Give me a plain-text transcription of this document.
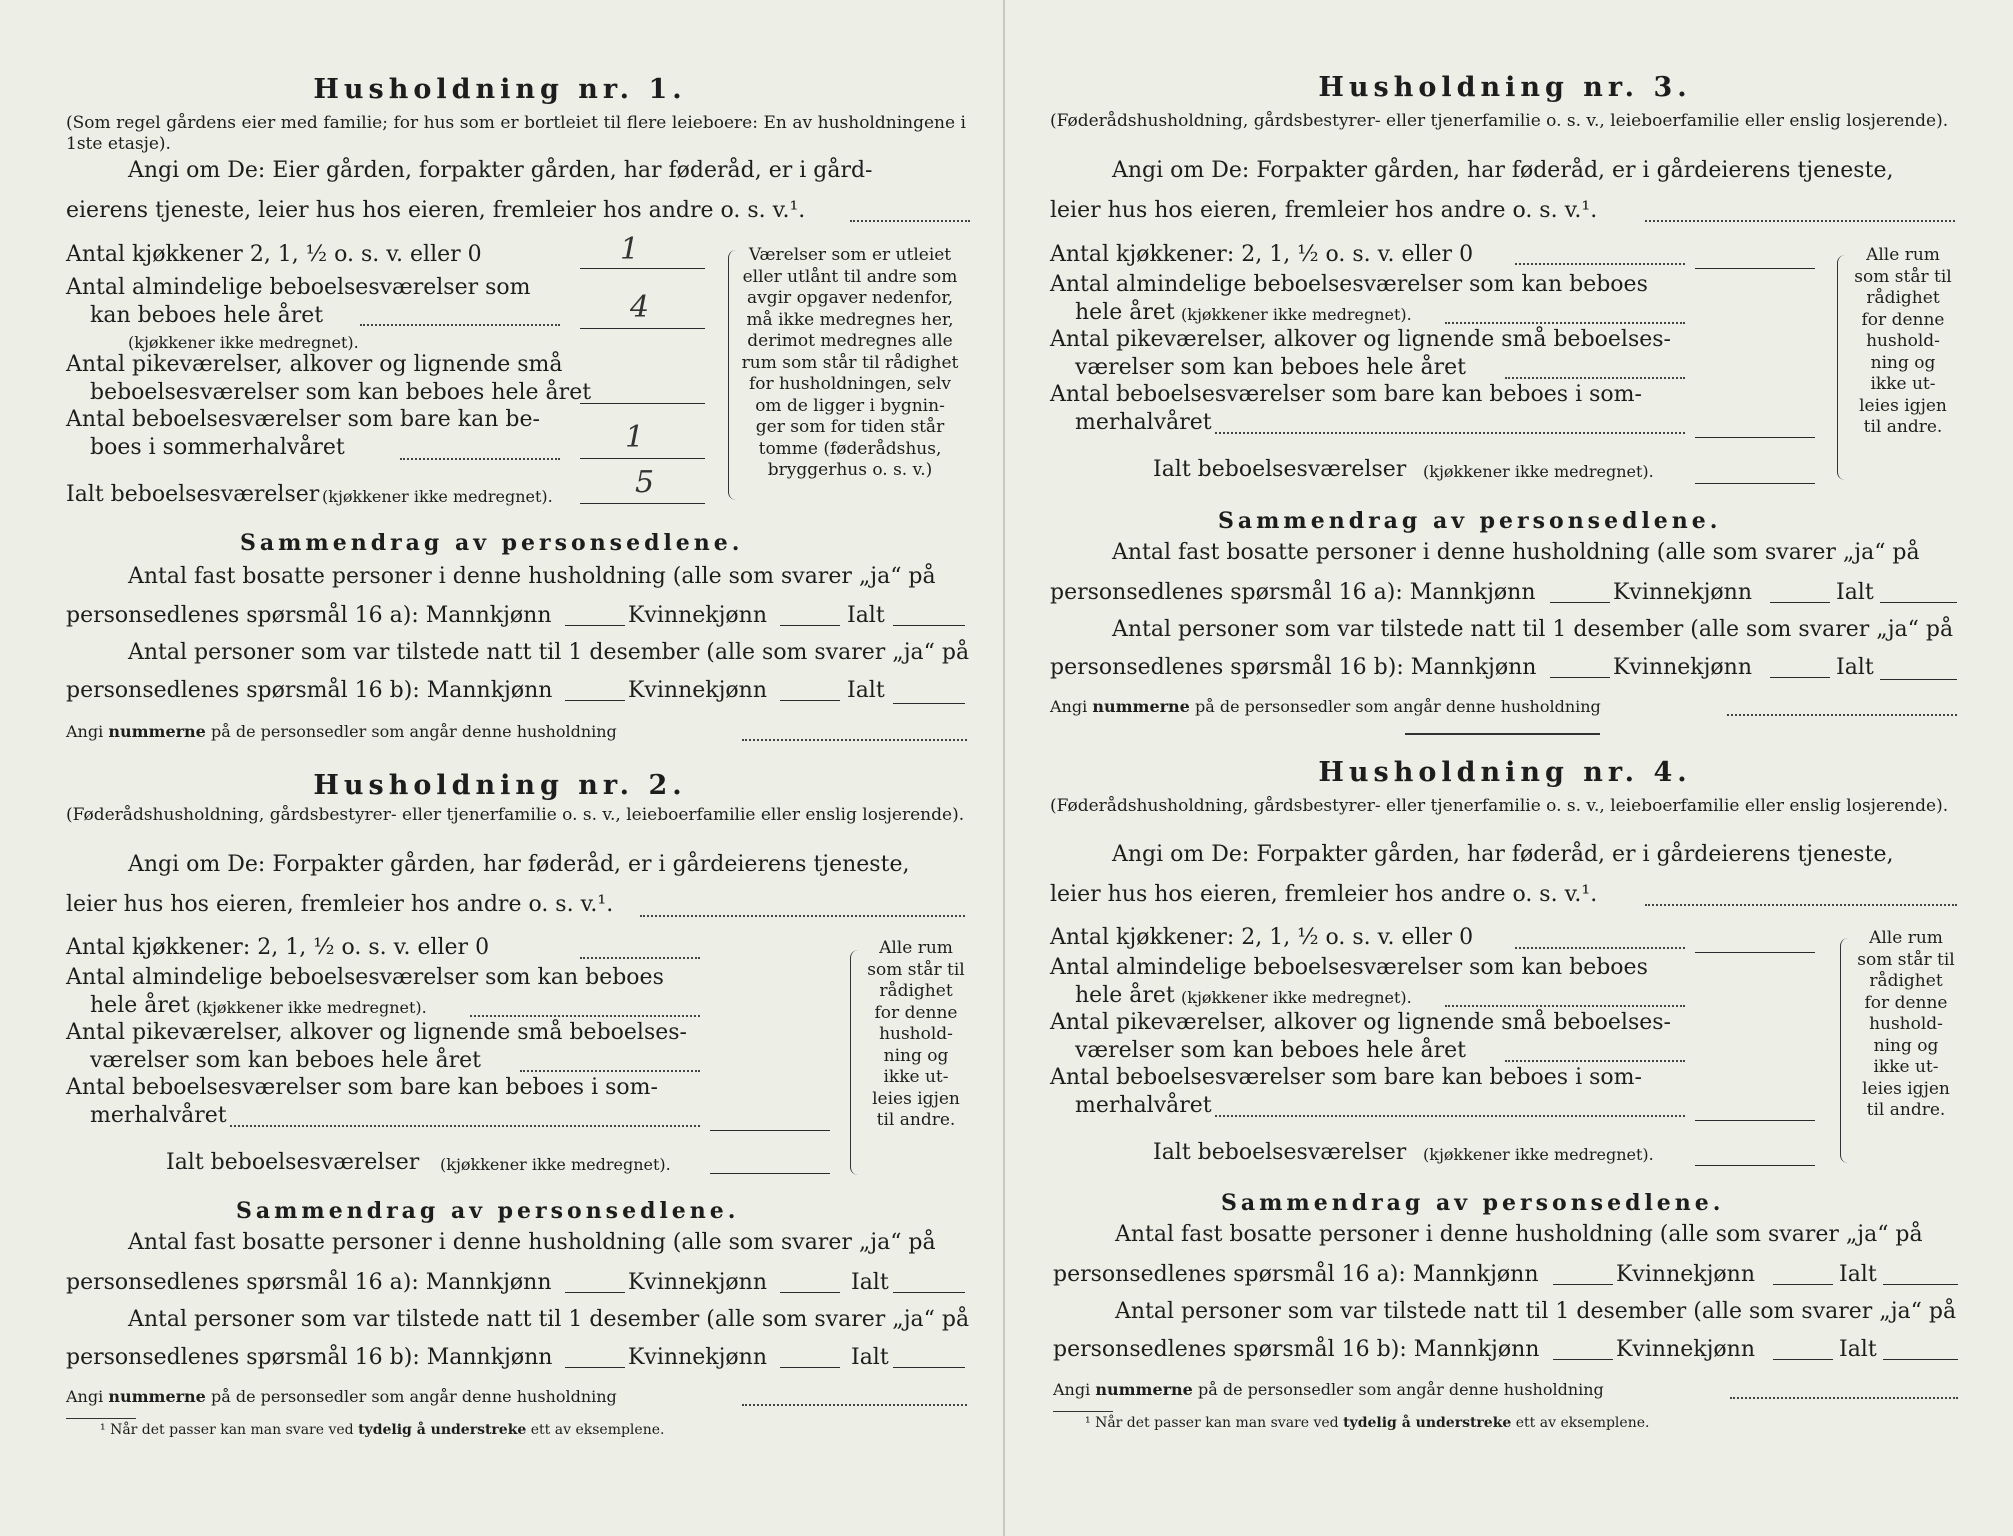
Husholdning nr. 1.
(Som regel gårdens eier med familie; for hus som er bortleiet til flere leieboere: En av husholdningene i 1ste etasje).
Angi om De: Eier gården, forpakter gården, har føderåd, er i gård-
eierens tjeneste, leier hus hos eieren, fremleier hos andre o. s. v.¹.
Antal kjøkkener 2, 1, ½ o. s. v. eller 0	1
Antal almindelige beboelsesværelser som
kan beboes hele året	4
(kjøkkener ikke medregnet).
Antal pikeværelser, alkover og lignende små
beboelsesværelser som kan beboes hele året
Antal beboelsesværelser som bare kan be-
boes i sommerhalvåret	1
Ialt beboelsesværelser (kjøkkener ikke medregnet).	5
Værelser som er utleiet
eller utlånt til andre som
avgir opgaver nedenfor,
må ikke medregnes her,
derimot medregnes alle
rum som står til rådighet
for husholdningen, selv
om de ligger i bygnin-
ger som for tiden står
tomme (føderådshus,
bryggerhus o. s. v.)
Sammendrag av personsedlene.
Antal fast bosatte personer i denne husholdning (alle som svarer „ja“ på
personsedlenes spørsmål 16 a): Mannkjønn	Kvinnekjønn	Ialt
Antal personer som var tilstede natt til 1 desember (alle som svarer „ja“ på
personsedlenes spørsmål 16 b): Mannkjønn	Kvinnekjønn	Ialt
Angi nummerne på de personsedler som angår denne husholdning
Husholdning nr. 2.
(Føderådshusholdning, gårdsbestyrer- eller tjenerfamilie o. s. v., leieboerfamilie eller enslig losjerende).
Angi om De: Forpakter gården, har føderåd, er i gårdeierens tjeneste,
leier hus hos eieren, fremleier hos andre o. s. v.¹.
Antal kjøkkener: 2, 1, ½ o. s. v. eller 0
Antal almindelige beboelsesværelser som kan beboes
hele året (kjøkkener ikke medregnet).
Antal pikeværelser, alkover og lignende små beboelses-
værelser som kan beboes hele året
Antal beboelsesværelser som bare kan beboes i som-
merhalvåret
Ialt beboelsesværelser (kjøkkener ikke medregnet).
Alle rum
som står til
rådighet
for denne
hushold-
ning og
ikke ut-
leies igjen
til andre.
Sammendrag av personsedlene.
Antal fast bosatte personer i denne husholdning (alle som svarer „ja“ på
personsedlenes spørsmål 16 a): Mannkjønn	Kvinnekjønn	Ialt
Antal personer som var tilstede natt til 1 desember (alle som svarer „ja“ på
personsedlenes spørsmål 16 b): Mannkjønn	Kvinnekjønn	Ialt
Angi nummerne på de personsedler som angår denne husholdning
¹ Når det passer kan man svare ved tydelig å understreke ett av eksemplene.
Husholdning nr. 3.
(Føderådshusholdning, gårdsbestyrer- eller tjenerfamilie o. s. v., leieboerfamilie eller enslig losjerende).
Angi om De: Forpakter gården, har føderåd, er i gårdeierens tjeneste,
leier hus hos eieren, fremleier hos andre o. s. v.¹.
Antal kjøkkener: 2, 1, ½ o. s. v. eller 0
Antal almindelige beboelsesværelser som kan beboes
hele året (kjøkkener ikke medregnet).
Antal pikeværelser, alkover og lignende små beboelses-
værelser som kan beboes hele året
Antal beboelsesværelser som bare kan beboes i som-
merhalvåret
Ialt beboelsesværelser (kjøkkener ikke medregnet).
Alle rum
som står til
rådighet
for denne
hushold-
ning og
ikke ut-
leies igjen
til andre.
Sammendrag av personsedlene.
Antal fast bosatte personer i denne husholdning (alle som svarer „ja“ på
personsedlenes spørsmål 16 a): Mannkjønn	Kvinnekjønn	Ialt
Antal personer som var tilstede natt til 1 desember (alle som svarer „ja“ på
personsedlenes spørsmål 16 b): Mannkjønn	Kvinnekjønn	Ialt
Angi nummerne på de personsedler som angår denne husholdning
Husholdning nr. 4.
(Føderådshusholdning, gårdsbestyrer- eller tjenerfamilie o. s. v., leieboerfamilie eller enslig losjerende).
Angi om De: Forpakter gården, har føderåd, er i gårdeierens tjeneste,
leier hus hos eieren, fremleier hos andre o. s. v.¹.
Antal kjøkkener: 2, 1, ½ o. s. v. eller 0
Antal almindelige beboelsesværelser som kan beboes
hele året (kjøkkener ikke medregnet).
Antal pikeværelser, alkover og lignende små beboelses-
værelser som kan beboes hele året
Antal beboelsesværelser som bare kan beboes i som-
merhalvåret
Ialt beboelsesværelser (kjøkkener ikke medregnet).
Alle rum
som står til
rådighet
for denne
hushold-
ning og
ikke ut-
leies igjen
til andre.
Sammendrag av personsedlene.
Antal fast bosatte personer i denne husholdning (alle som svarer „ja“ på
personsedlenes spørsmål 16 a): Mannkjønn	Kvinnekjønn	Ialt
Antal personer som var tilstede natt til 1 desember (alle som svarer „ja“ på
personsedlenes spørsmål 16 b): Mannkjønn	Kvinnekjønn	Ialt
Angi nummerne på de personsedler som angår denne husholdning
¹ Når det passer kan man svare ved tydelig å understreke ett av eksemplene.
